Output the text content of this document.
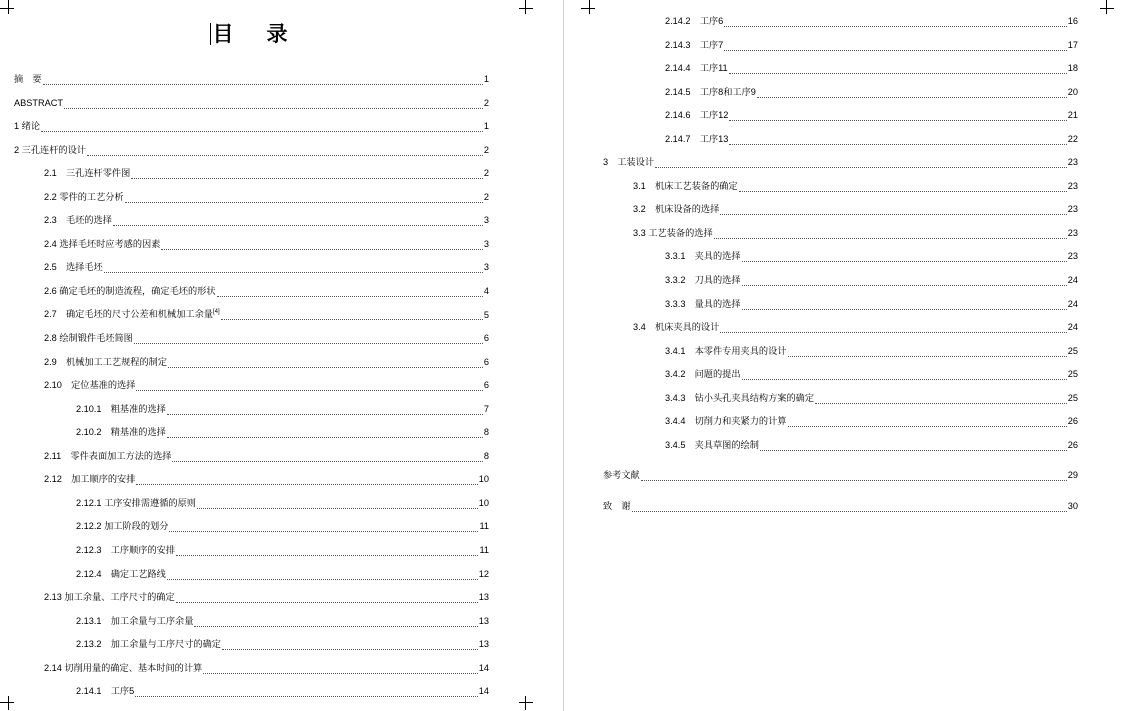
目　录
摘　要	1
ABSTRACT	2
1 绪论	1
2 三孔连杆的设计	2
2.1　三孔连杆零件图	2
2.2 零件的工艺分析	2
2.3　毛坯的选择	3
2.4 选择毛坯时应考感的因素	3
2.5　选择毛坯	3
2.6 确定毛坯的制造流程，确定毛坯的形状	4
2.7　确定毛坯的尺寸公差和机械加工余量[4]	5
2.8 绘制锻件毛坯简图	6
2.9　机械加工工艺规程的制定	6
2.10　定位基准的选择	6
2.10.1　粗基准的选择	7
2.10.2　精基准的选择	8
2.11　零件表面加工方法的选择	8
2.12　加工顺序的安排	10
2.12.1 工序安排需遵循的原则	10
2.12.2 加工阶段的划分	11
2.12.3　工序顺序的安排	11
2.12.4　确定工艺路线	12
2.13 加工余量、工序尺寸的确定	13
2.13.1　加工余量与工序余量	13
2.13.2　加工余量与工序尺寸的确定	13
2.14 切削用量的确定、基本时间的计算	14
2.14.1　工序5	14
2.14.2　工序6	16
2.14.3　工序7	17
2.14.4　工序11	18
2.14.5　工序8和工序9	20
2.14.6　工序12	21
2.14.7　工序13	22
3　工装设计	23
3.1　机床工艺装备的确定	23
3.2　机床设备的选择	23
3.3 工艺装备的选择	23
3.3.1　夹具的选择	23
3.3.2　刀具的选择	24
3.3.3　量具的选择	24
3.4　机床夹具的设计	24
3.4.1　本零件专用夹具的设计	25
3.4.2　问题的提出	25
3.4.3　钻小头孔夹具结构方案的确定	25
3.4.4　切削力和夹紧力的计算	26
3.4.5　夹具草图的绘制	26
参考文献	29
致　谢	30
